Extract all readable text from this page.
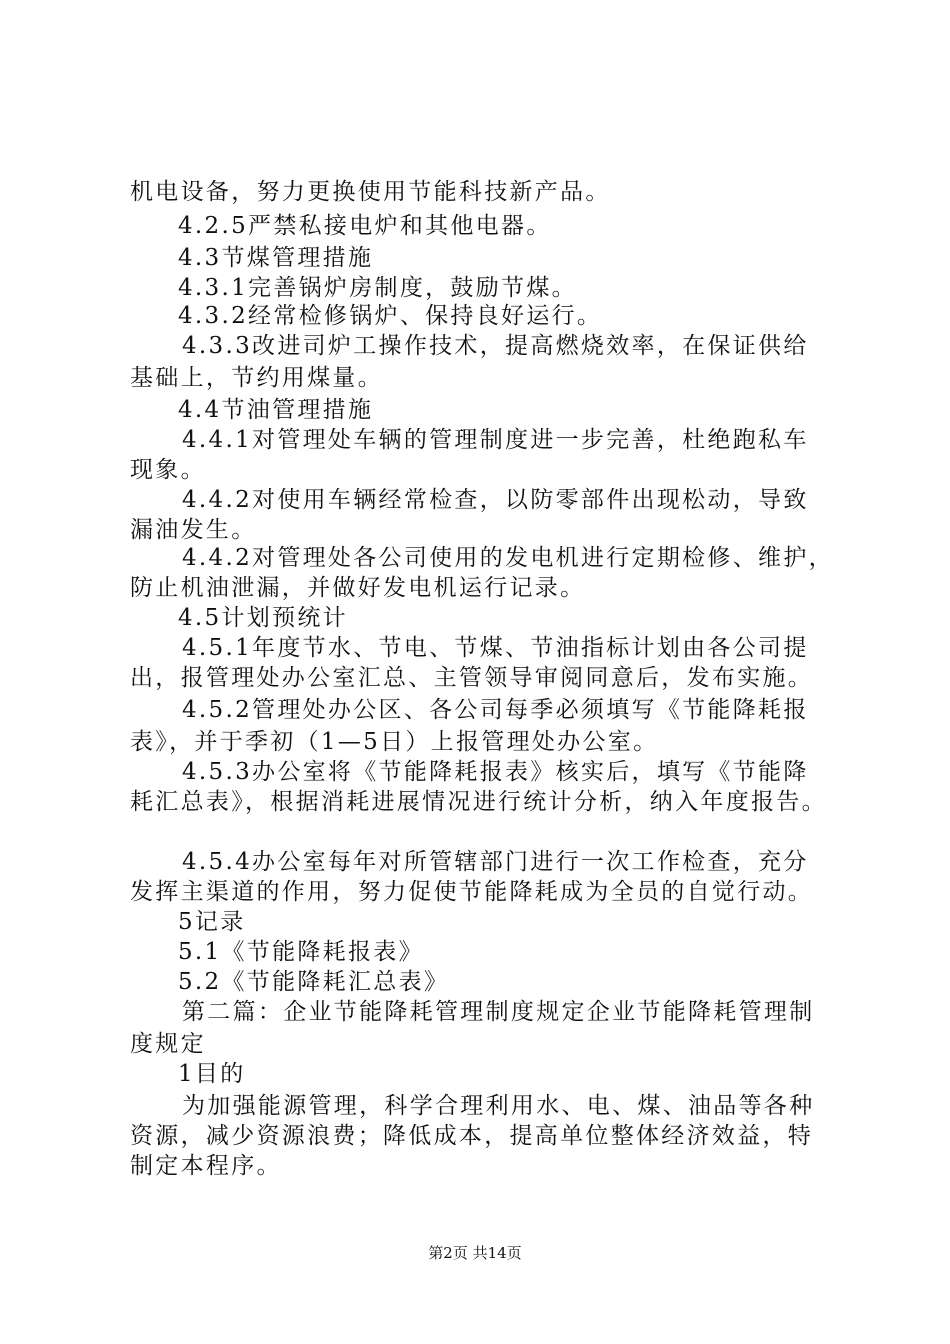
机电设备，努力更换使用节能科技新产品。
4.2.5严禁私接电炉和其他电器。
4.3节煤管理措施
4.3.1完善锅炉房制度，鼓励节煤。
4.3.2经常检修锅炉、保持良好运行。
4.3.3改进司炉工操作技术，提高燃烧效率，在保证供给
基础上，节约用煤量。
4.4节油管理措施
4.4.1对管理处车辆的管理制度进一步完善，杜绝跑私车
现象。
4.4.2对使用车辆经常检查，以防零部件出现松动，导致
漏油发生。
4.4.2对管理处各公司使用的发电机进行定期检修、维护，
防止机油泄漏，并做好发电机运行记录。
4.5计划预统计
4.5.1年度节水、节电、节煤、节油指标计划由各公司提
出，报管理处办公室汇总、主管领导审阅同意后，发布实施。
4.5.2管理处办公区、各公司每季必须填写《节能降耗报
表》，并于季初（1—5日）上报管理处办公室。
4.5.3办公室将《节能降耗报表》核实后，填写《节能降
耗汇总表》，根据消耗进展情况进行统计分析，纳入年度报告。
4.5.4办公室每年对所管辖部门进行一次工作检查，充分
发挥主渠道的作用，努力促使节能降耗成为全员的自觉行动。
5记录
5.1《节能降耗报表》
5.2《节能降耗汇总表》
第二篇：企业节能降耗管理制度规定企业节能降耗管理制
度规定
1目的
为加强能源管理，科学合理利用水、电、煤、油品等各种
资源，减少资源浪费；降低成本，提高单位整体经济效益，特
制定本程序。
第2页 共14页
